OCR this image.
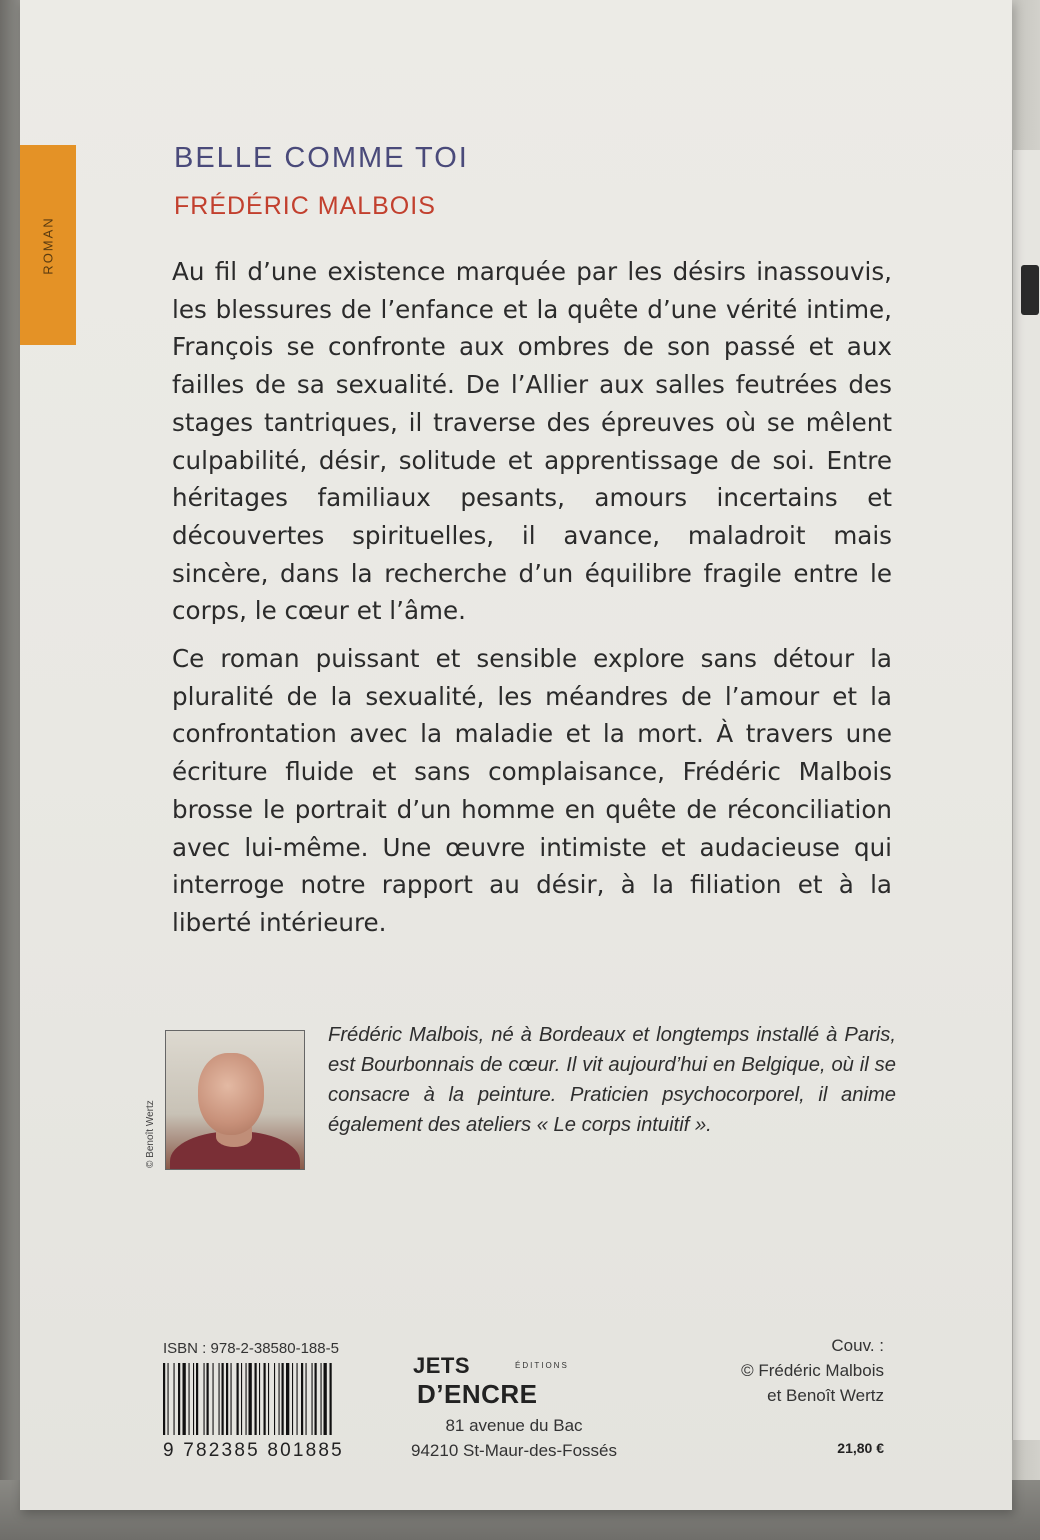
ROMAN
BELLE COMME TOI
FRÉDÉRIC MALBOIS

Au fil d’une existence marquée par les désirs inassouvis, les blessures de l’enfance et la quête d’une vérité intime, François se confronte aux ombres de son passé et aux failles de sa sexualité. De l’Allier aux salles feutrées des stages tantriques, il traverse des épreuves où se mêlent culpabilité, désir, solitude et apprentissage de soi. Entre héritages familiaux pesants, amours incertains et découvertes spirituelles, il avance, maladroit mais sincère, dans la recherche d’un équilibre fragile entre le corps, le cœur et l’âme.

Ce roman puissant et sensible explore sans détour la pluralité de la sexualité, les méandres de l’amour et la confrontation avec la maladie et la mort. À travers une écriture fluide et sans complaisance, Frédéric Malbois brosse le portrait d’un homme en quête de réconciliation avec lui-même. Une œuvre intimiste et audacieuse qui interroge notre rapport au désir, à la filiation et à la liberté intérieure.

© Benoît Wertz

Frédéric Malbois, né à Bordeaux et longtemps installé à Paris, est Bourbonnais de cœur. Il vit aujourd’hui en Belgique, où il se consacre à la peinture. Praticien psychocorporel, il anime également des ateliers « Le corps intuitif ».

ISBN : 978-2-38580-188-5
9 782385 801885
JETS	ÉDITIONS
D’ENCRE
81 avenue du Bac
94210 St-Maur-des-Fossés
Couv. :
© Frédéric Malbois
et Benoît Wertz
21,80 €
